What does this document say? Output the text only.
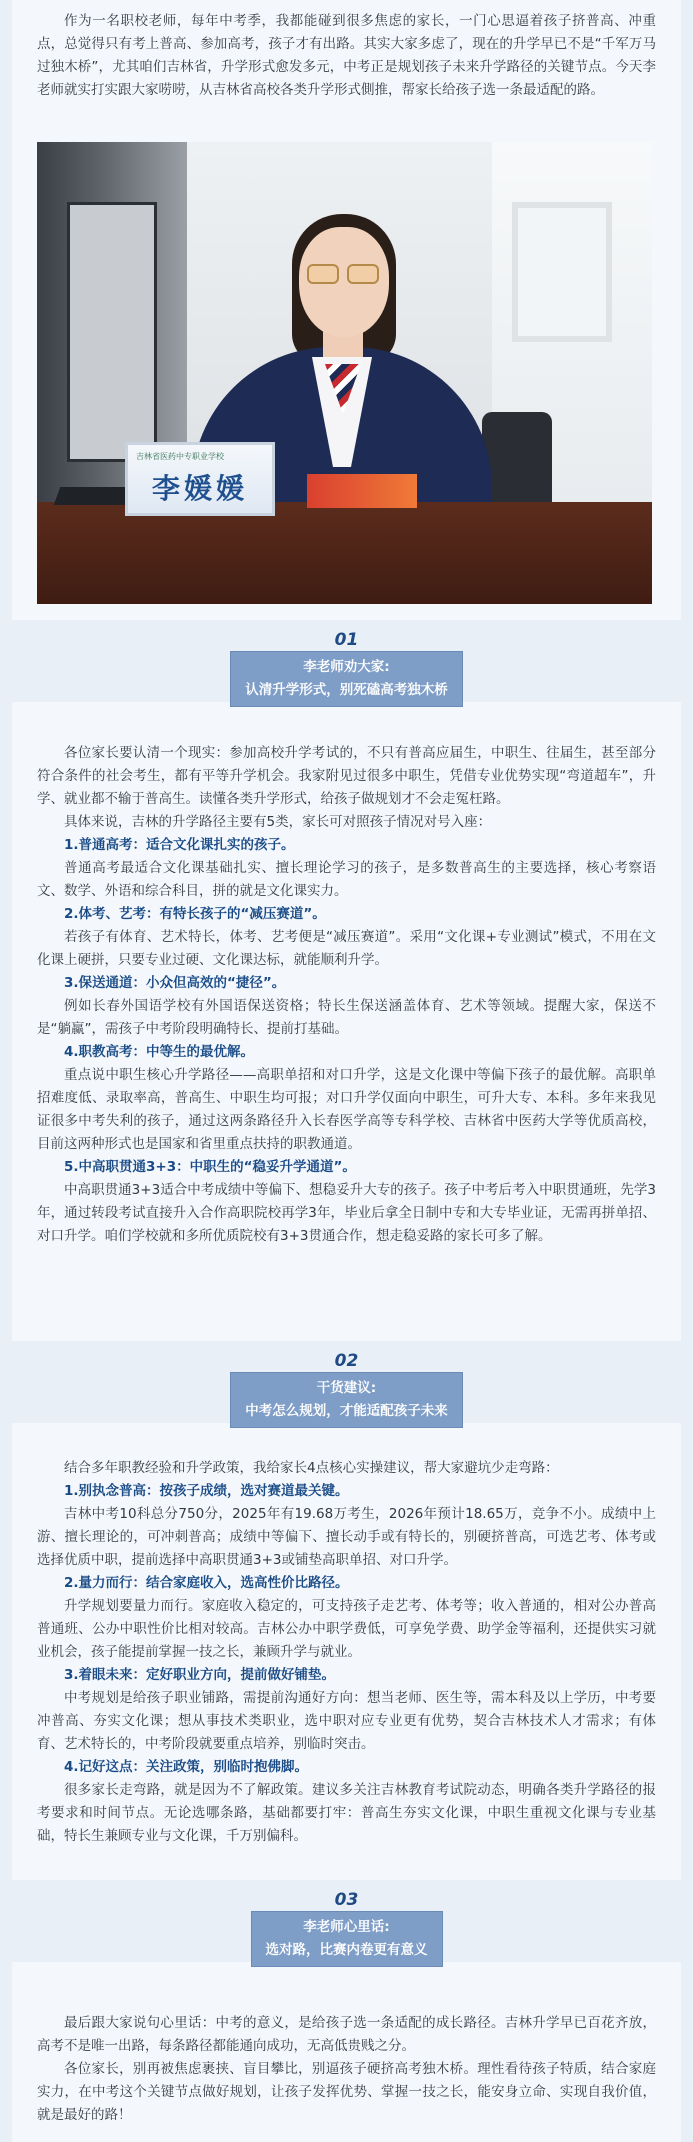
作为一名职校老师，每年中考季，我都能碰到很多焦虑的家长，一门心思逼着孩子挤普高、冲重点，总觉得只有考上普高、参加高考，孩子才有出路。其实大家多虑了，现在的升学早已不是“千军万马过独木桥”，尤其咱们吉林省，升学形式愈发多元，中考正是规划孩子未来升学路径的关键节点。今天李老师就实打实跟大家唠唠，从吉林省高校各类升学形式側推，帮家长给孩子选一条最适配的路。

吉林省医药中专职业学校
李媛媛
01
李老师劝大家:
认清升学形式，别死磕高考独木桥

各位家长要认清一个现实：参加高校升学考试的，不只有普高应届生，中职生、往届生，甚至部分符合条件的社会考生，都有平等升学机会。我家附见过很多中职生，凭借专业优势实现“弯道超车”，升学、就业都不输于普高生。读懂各类升学形式，给孩子做规划才不会走冤枉路。

具体来说，吉林的升学路径主要有5类，家长可对照孩子情况对号入座：

1.普通高考：适合文化课扎实的孩子。

普通高考最适合文化课基础扎实、擅长理论学习的孩子，是多数普高生的主要选择，核心考察语文、数学、外语和综合科目，拼的就是文化课实力。

2.体考、艺考：有特长孩子的“减压赛道”。

若孩子有体育、艺术特长，体考、艺考便是“减压赛道”。采用“文化课+专业测试”模式，不用在文化课上硬拼，只要专业过硬、文化课达标，就能顺利升学。

3.保送通道：小众但高效的“捷径”。

例如长春外国语学校有外国语保送资格；特长生保送涵盖体育、艺术等领域。提醒大家，保送不是“躺赢”，需孩子中考阶段明确特长、提前打基础。

4.职教高考：中等生的最优解。

重点说中职生核心升学路径——高职单招和对口升学，这是文化课中等偏下孩子的最优解。高职单招难度低、录取率高，普高生、中职生均可报；对口升学仅面向中职生，可升大专、本科。多年来我见证很多中考失利的孩子，通过这两条路径升入长春医学高等专科学校、吉林省中医药大学等优质高校，目前这两种形式也是国家和省里重点扶持的职教通道。

5.中高职贯通3+3：中职生的“稳妥升学通道”。

中高职贯通3+3适合中考成绩中等偏下、想稳妥升大专的孩子。孩子中考后考入中职贯通班，先学3年，通过转段考试直接升入合作高职院校再学3年，毕业后拿全日制中专和大专毕业证，无需再拼单招、对口升学。咱们学校就和多所优质院校有3+3贯通合作，想走稳妥路的家长可多了解。

02
干货建议:
中考怎么规划，才能适配孩子未来

结合多年职教经验和升学政策，我给家长4点核心实操建议，帮大家避坑少走弯路：

1.别执念普高：按孩子成绩，选对赛道最关键。

吉林中考10科总分750分，2025年有19.68万考生，2026年预计18.65万，竞争不小。成绩中上游、擅长理论的，可冲刺普高；成绩中等偏下、擅长动手或有特长的，别硬挤普高，可选艺考、体考或选择优质中职，提前选择中高职贯通3+3或铺垫高职单招、对口升学。

2.量力而行：结合家庭收入，选高性价比路径。

升学规划要量力而行。家庭收入稳定的，可支持孩子走艺考、体考等；收入普通的，相对公办普高普通班、公办中职性价比相对较高。吉林公办中职学费低，可享免学费、助学金等福利，还提供实习就业机会，孩子能提前掌握一技之长，兼顾升学与就业。

3.着眼未来：定好职业方向，提前做好铺垫。

中考规划是给孩子职业铺路，需提前沟通好方向：想当老师、医生等，需本科及以上学历，中考要冲普高、夯实文化课；想从事技术类职业，选中职对应专业更有优势，契合吉林技术人才需求；有体育、艺术特长的，中考阶段就要重点培养，别临时突击。

4.记好这点：关注政策，别临时抱佛脚。

很多家长走弯路，就是因为不了解政策。建议多关注吉林教育考试院动态，明确各类升学路径的报考要求和时间节点。无论选哪条路，基础都要打牢：普高生夯实文化课，中职生重视文化课与专业基础，特长生兼顾专业与文化课，千万别偏科。

03
李老师心里话:
选对路，比赛内卷更有意义

最后跟大家说句心里话：中考的意义，是给孩子选一条适配的成长路径。吉林升学早已百花齐放，高考不是唯一出路，每条路径都能通向成功，无高低贵贱之分。

各位家长，别再被焦虑裹挟、盲目攀比，别逼孩子硬挤高考独木桥。理性看待孩子特质，结合家庭实力，在中考这个关键节点做好规划，让孩子发挥优势、掌握一技之长，能安身立命、实现自我价值，就是最好的路！
